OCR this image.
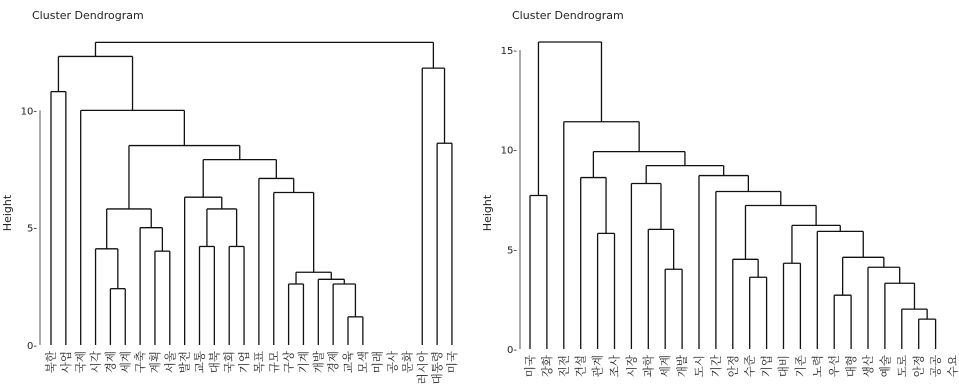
Cluster Dendrogram
Height
0-
5-
10-
북한 사업 국제 시각 경제 세계 구축 계획 서울 발전 교통 대북 국회 기업 목표 규모 구상 기계 개발 경제 교육 모색 미래 공사 문화 러시아 대통령 미국
Cluster Dendrogram
Height
0-
5-
10-
15-
미국 강화 진전 건설 관계 조사 시장 과학 세계 개발 도시 기간 안정 수준 기업 대비 기존 노력 우선 대형 생산 예술 도로 안정 공공 수요
